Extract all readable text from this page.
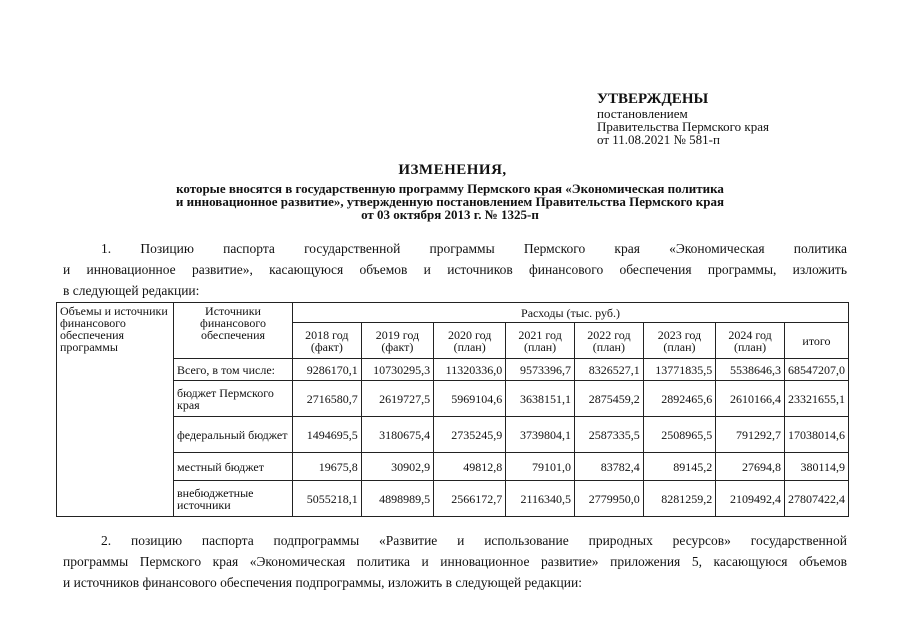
УТВЕРЖДЕНЫ
постановлением
Правительства Пермского края
от 11.08.2021 № 581-п
ИЗМЕНЕНИЯ,
которые вносятся в государственную программу Пермского края «Экономическая политика
и инновационное развитие», утвержденную постановлением Правительства Пермского края
от 03 октября 2013 г. № 1325-п
1. Позицию паспорта государственной программы Пермского края «Экономическая политика
и инновационное развитие», касающуюся объемов и источников финансового обеспечения программы, изложить
в следующей редакции:
Объемы и источники финансового обеспечения программы	Источники финансового обеспечения	Расходы (тыс. руб.)							
		2018 год (факт)	2019 год (факт)	2020 год (план)	2021 год (план)	2022 год (план)	2023 год (план)	2024 год (план)	итого
	Всего, в том числе:	9286170,1	10730295,3	11320336,0	9573396,7	8326527,1	13771835,5	5538646,3	68547207,0
	бюджет Пермского края	2716580,7	2619727,5	5969104,6	3638151,1	2875459,2	2892465,6	2610166,4	23321655,1
	федеральный бюджет	1494695,5	3180675,4	2735245,9	3739804,1	2587335,5	2508965,5	791292,7	17038014,6
	местный бюджет	19675,8	30902,9	49812,8	79101,0	83782,4	89145,2	27694,8	380114,9
	внебюджетные источники	5055218,1	4898989,5	2566172,7	2116340,5	2779950,0	8281259,2	2109492,4	27807422,4
2. позицию паспорта подпрограммы «Развитие и использование природных ресурсов» государственной
программы Пермского края «Экономическая политика и инновационное развитие» приложения 5, касающуюся объемов
и источников финансового обеспечения подпрограммы, изложить в следующей редакции:
